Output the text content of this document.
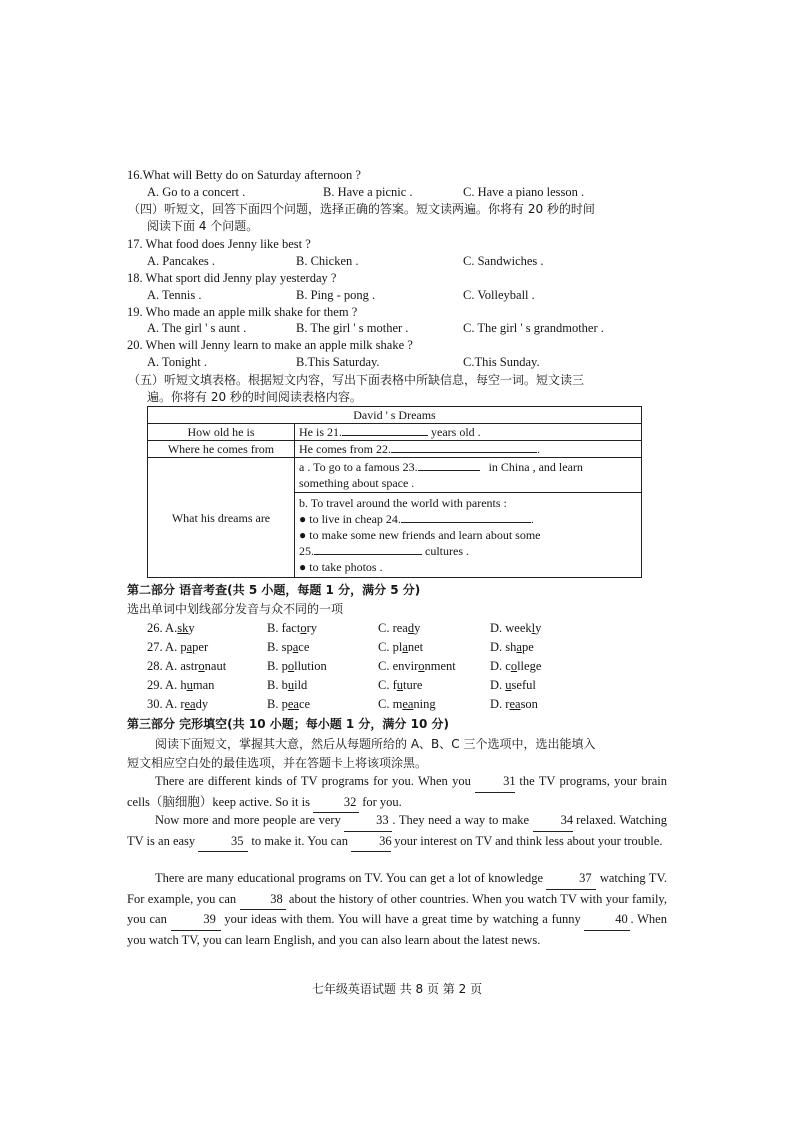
16.What will Betty do on Saturday afternoon ?
A. Go to a concert .	B. Have a picnic .	C. Have a piano lesson .
（四）听短文，回答下面四个问题，选择正确的答案。短文读两遍。你将有 20 秒的时间
阅读下面 4 个问题。
17. What food does Jenny like best ?
A. Pancakes .	B. Chicken .	C. Sandwiches .
18. What sport did Jenny play yesterday ?
A. Tennis .	B. Ping - pong .	C. Volleyball .
19. Who made an apple milk shake for them ?
A. The girl ' s aunt .	B. The girl ' s mother .	C. The girl ' s grandmother .
20. When will Jenny learn to make an apple milk shake ?
A. Tonight .	B.This Saturday.	C.This Sunday.
（五）听短文填表格。根据短文内容，写出下面表格中所缺信息，每空一词。短文读三
遍。你将有 20 秒的时间阅读表格内容。
David ' s Dreams	
How old he is	He is 21. years old .
Where he comes from	He comes from 22. .
What his dreams are	a . To go to a famous 23. in China , and learn
something about space .

	b. To travel around the world with parents :
● to live in cheap 24. .
● to make some new friends and learn about some
25. cultures .
● to take photos .
第二部分 语音考查(共 5 小题，每题 1 分，满分 5 分)
选出单词中划线部分发音与众不同的一项
26. A.sky	B. factory	C. ready	D. weekly
27. A. paper	B. space	C. planet	D. shape
28. A. astronaut	B. pollution	C. environment	D. college
29. A. human	B. build	C. future	D. useful
30. A. ready	B. peace	C. meaning	D. reason
第三部分 完形填空(共 10 小题；每小题 1 分，满分 10 分)
阅读下面短文，掌握其大意，然后从每题所给的 A、B、C 三个选项中，选出能填入
短文相应空白处的最佳选项，并在答题卡上将该项涂黑。
There are different kinds of TV programs for you. When you 31 the TV programs, your brain cells（脑细胞）keep active. So it is 32 for you.
Now more and more people are very	33 . They need a way to make 34 relaxed. Watching TV is an easy	35 to make it. You can 36 your interest on TV and think less about your trouble.
There are many educational programs on TV. You can get a lot of knowledge	37 watching TV. For example, you can 38 about the history of other countries. When you watch TV with your family, you can	39 your ideas with them. You will have a great time by watching a funny 40 . When you watch TV, you can learn English, and you can also learn about the latest news.
七年级英语试题 共 8 页 第 2 页
